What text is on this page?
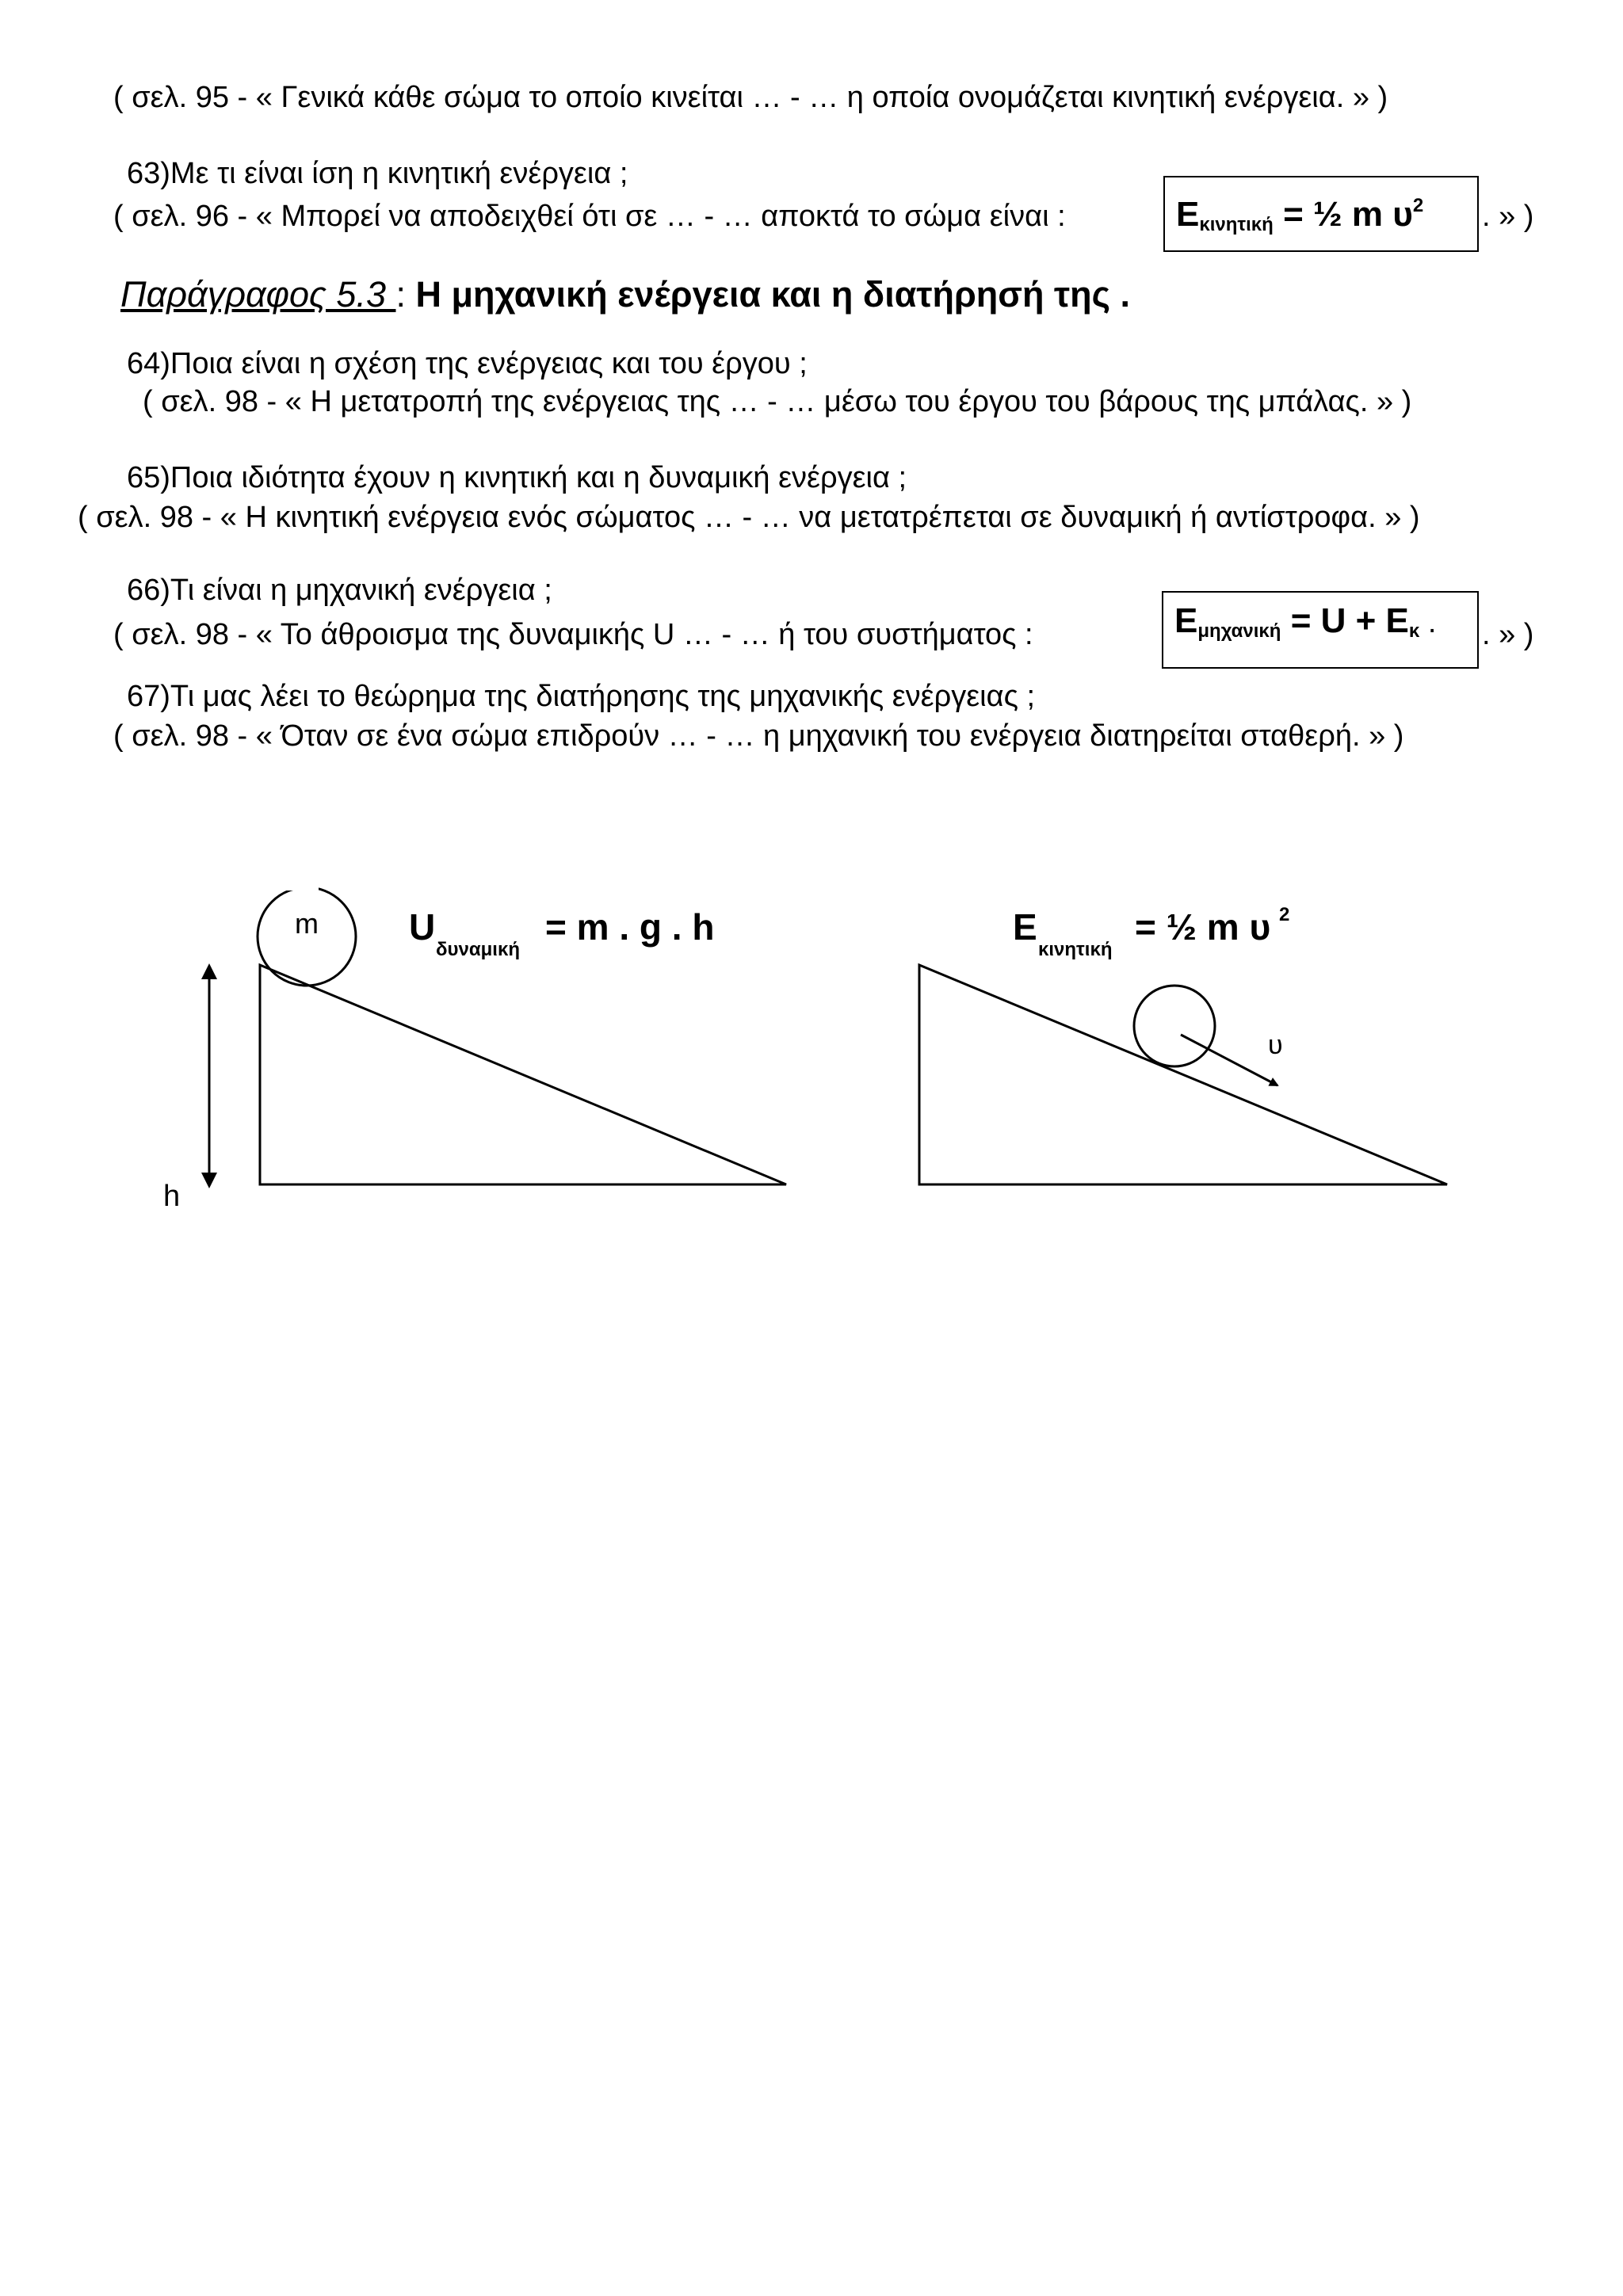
( σελ. 95 - « Γενικά κάθε σώμα το οποίο κινείται … - … η οποία ονομάζεται κινητική ενέργεια. » )
63)Με τι είναι ίση η κινητική ενέργεια ;
( σελ. 96 - « Μπορεί να αποδειχθεί ότι σε … - … αποκτά το σώμα είναι :	$E_{\kappa\iota\nu\eta\tau\iota\kappa ή}$ = ½ m $\upsilon^2$	. » )
Παράγραφος 5.3 : Η μηχανική ενέργεια και η διατήρησή της .
64)Ποια είναι η σχέση της ενέργειας και του έργου ;
( σελ. 98 - « Η μετατροπή της ενέργειας της … - … μέσω του έργου του βάρους της μπάλας. » )
65)Ποια ιδιότητα έχουν η κινητική και η δυναμική ενέργεια ;
( σελ. 98 - « Η κινητική ενέργεια ενός σώματος … - … να μετατρέπεται σε δυναμική ή αντίστροφα. » )
66)Τι είναι η μηχανική ενέργεια ;
( σελ. 98 - « Το άθροισμα της δυναμικής U … - … ή του συστήματος :	$E_{\mu\eta\chi\alpha\nu\iota\kappa ή} = U + E_\kappa$ .	. » )
67)Τι μας λέει το θεώρημα της διατήρησης της μηχανικής ενέργειας ;
( σελ. 98 - « Όταν σε ένα σώμα επιδρούν … - … η μηχανική του ενέργεια διατηρείται σταθερή. » )
m
h
U
δυναμική
= m . g . h
υ
E
κινητική
= ½ m υ 2
